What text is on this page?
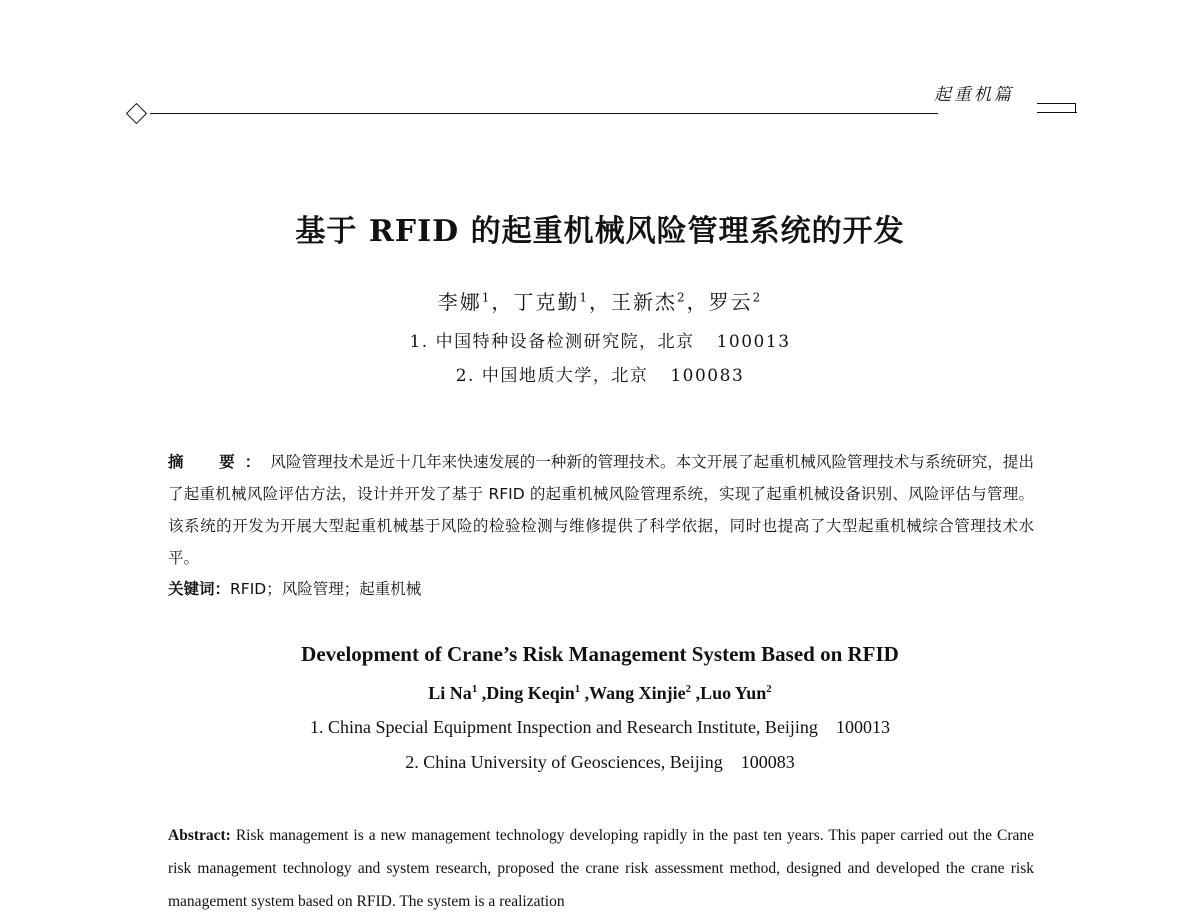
起重机篇
基于 RFID 的起重机械风险管理系统的开发
李娜$^1$，丁克勤$^1$，王新杰$^2$，罗云$^2$
1. 中国特种设备检测研究院，北京 100013
2. 中国地质大学，北京 100083
摘　要：风险管理技术是近十几年来快速发展的一种新的管理技术。本文开展了起重机械风险管理技术与系统研究，提出了起重机械风险评估方法，设计并开发了基于 RFID 的起重机械风险管理系统，实现了起重机械设备识别、风险评估与管理。该系统的开发为开展大型起重机械基于风险的检验检测与维修提供了科学依据，同时也提高了大型起重机械综合管理技术水平。
关键词：RFID；风险管理；起重机械
Development of Crane’s Risk Management System Based on RFID
Li Na$^1$ ,Ding Keqin$^1$ ,Wang Xinjie$^2$ ,Luo Yun$^2$
1. China Special Equipment Inspection and Research Institute, Beijing 100013
2. China University of Geosciences, Beijing 100083
Abstract: Risk management is a new management technology developing rapidly in the past ten years. This paper carried out the Crane risk management technology and system research, proposed the crane risk assessment method, designed and developed the crane risk management system based on RFID. The system is a realization
